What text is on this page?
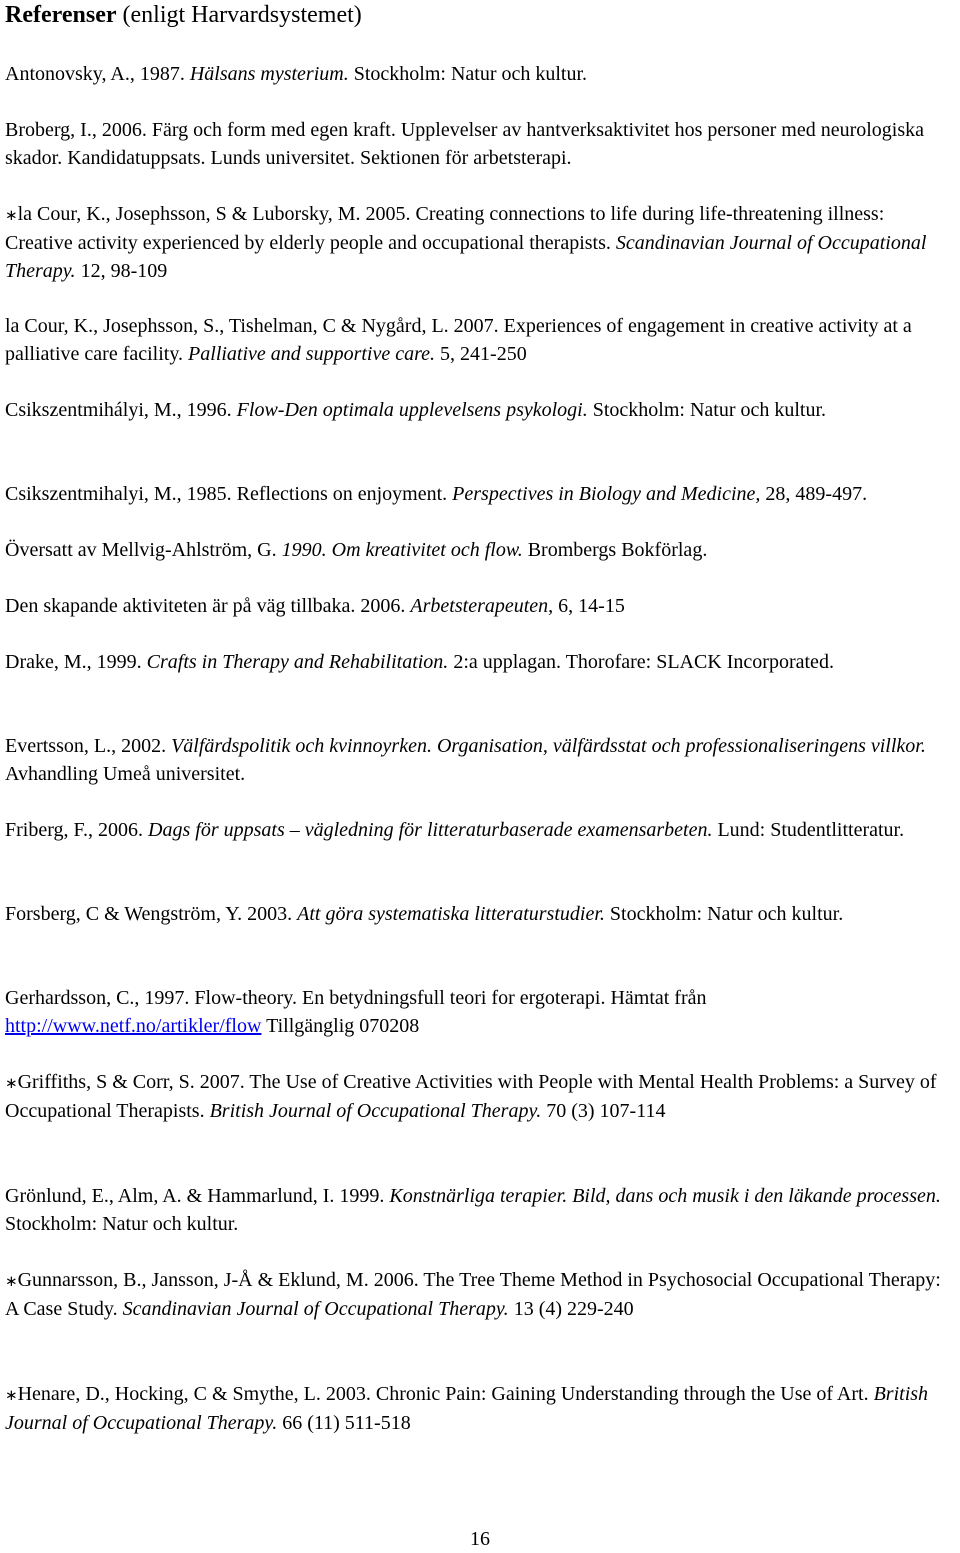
Referenser (enligt Harvardsystemet)

Antonovsky, A., 1987. Hälsans mysterium. Stockholm: Natur och kultur.

Broberg, I., 2006. Färg och form med egen kraft. Upplevelser av hantverksaktivitet hos personer med neurologiska skador. Kandidatuppsats. Lunds universitet. Sektionen för arbetsterapi.

∗la Cour, K., Josephsson, S & Luborsky, M. 2005. Creating connections to life during life-threatening illness: Creative activity experienced by elderly people and occupational therapists. Scandinavian Journal of Occupational Therapy. 12, 98-109

la Cour, K., Josephsson, S., Tishelman, C & Nygård, L. 2007. Experiences of engagement in creative activity at a palliative care facility. Palliative and supportive care. 5, 241-250

Csikszentmihályi, M., 1996. Flow-Den optimala upplevelsens psykologi. Stockholm: Natur och kultur.

Csikszentmihalyi, M., 1985. Reflections on enjoyment. Perspectives in Biology and Medicine, 28, 489-497.

Översatt av Mellvig-Ahlström, G. 1990. Om kreativitet och flow. Brombergs Bokförlag.

Den skapande aktiviteten är på väg tillbaka. 2006. Arbetsterapeuten, 6, 14-15

Drake, M., 1999. Crafts in Therapy and Rehabilitation. 2:a upplagan. Thorofare: SLACK Incorporated.

Evertsson, L., 2002. Välfärdspolitik och kvinnoyrken. Organisation, välfärdsstat och professionaliseringens villkor. Avhandling Umeå universitet.

Friberg, F., 2006. Dags för uppsats – vägledning för litteraturbaserade examensarbeten. Lund: Studentlitteratur.

Forsberg, C & Wengström, Y. 2003. Att göra systematiska litteraturstudier. Stockholm: Natur och kultur.

Gerhardsson, C., 1997. Flow-theory. En betydningsfull teori for ergoterapi. Hämtat från http://www.netf.no/artikler/flow Tillgänglig 070208

∗Griffiths, S & Corr, S. 2007. The Use of Creative Activities with People with Mental Health Problems: a Survey of Occupational Therapists. British Journal of Occupational Therapy. 70 (3) 107-114

Grönlund, E., Alm, A. & Hammarlund, I. 1999. Konstnärliga terapier. Bild, dans och musik i den läkande processen. Stockholm: Natur och kultur.

∗Gunnarsson, B., Jansson, J-Å & Eklund, M. 2006. The Tree Theme Method in Psychosocial Occupational Therapy: A Case Study. Scandinavian Journal of Occupational Therapy. 13 (4) 229-240

∗Henare, D., Hocking, C & Smythe, L. 2003. Chronic Pain: Gaining Understanding through the Use of Art. British Journal of Occupational Therapy. 66 (11) 511-518

16
